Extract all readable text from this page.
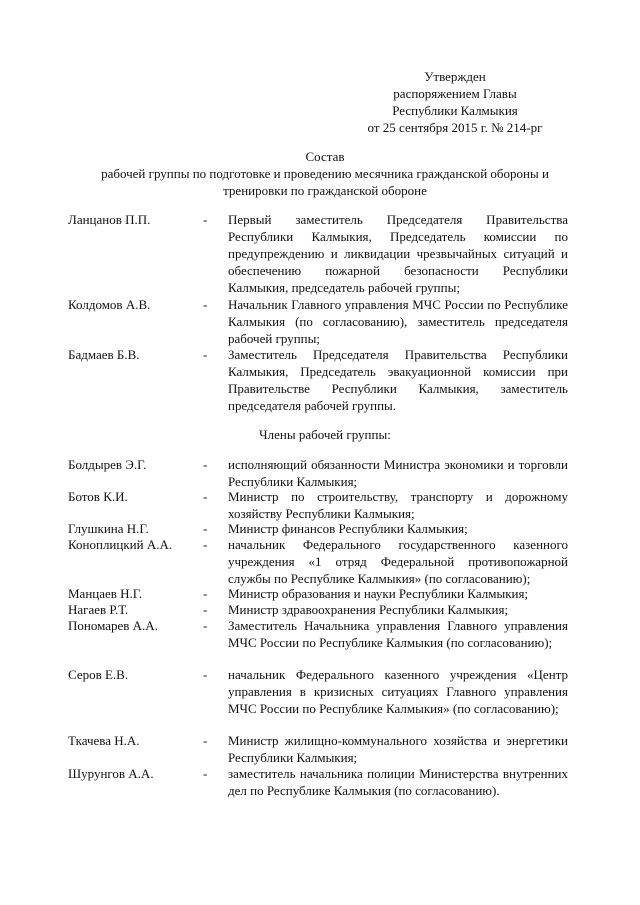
Утвержден
распоряжением Главы
Республики Калмыкия
от 25 сентября 2015 г. № 214-рг
Состав
рабочей группы по подготовке и проведению месячника гражданской обороны и
тренировки по гражданской обороне
Ланцанов П.П.	- Первый заместитель Председателя Правительства Республики Калмыкия, Председатель комиссии по предупреждению и ликвидации чрезвычайных ситуаций и обеспечению пожарной безопасности Республики Калмыкия, председатель рабочей группы;
Колдомов А.В.	- Начальник Главного управления МЧС России по Республике Калмыкия (по согласованию), заместитель председателя рабочей группы;
Бадмаев Б.В.	- Заместитель Председателя Правительства Республики Калмыкия, Председатель эвакуационной комиссии при Правительстве Республики Калмыкия, заместитель председателя рабочей группы.
Члены рабочей группы:
Болдырев Э.Г.	- исполняющий обязанности Министра экономики и торговли Республики Калмыкия;
Ботов К.И.	- Министр по строительству, транспорту и дорожному хозяйству Республики Калмыкия;
Глушкина Н.Г.	- Министр финансов Республики Калмыкия;
Коноплицкий А.А.	- начальник Федерального государственного казенного учреждения «1 отряд Федеральной противопожарной службы по Республике Калмыкия» (по согласованию);
Манцаев Н.Г.	- Министр образования и науки Республики Калмыкия;
Нагаев Р.Т.	- Министр здравоохранения Республики Калмыкия;
Пономарев А.А.	- Заместитель Начальника управления Главного управления МЧС России по Республике Калмыкия (по согласованию);
Серов Е.В.	- начальник Федерального казенного учреждения «Центр управления в кризисных ситуациях Главного управления МЧС России по Республике Калмыкия» (по согласованию);
Ткачева Н.А.	- Министр жилищно-коммунального хозяйства и энергетики Республики Калмыкия;
Шурунгов А.А.	- заместитель начальника полиции Министерства внутренних дел по Республике Калмыкия (по согласованию).
